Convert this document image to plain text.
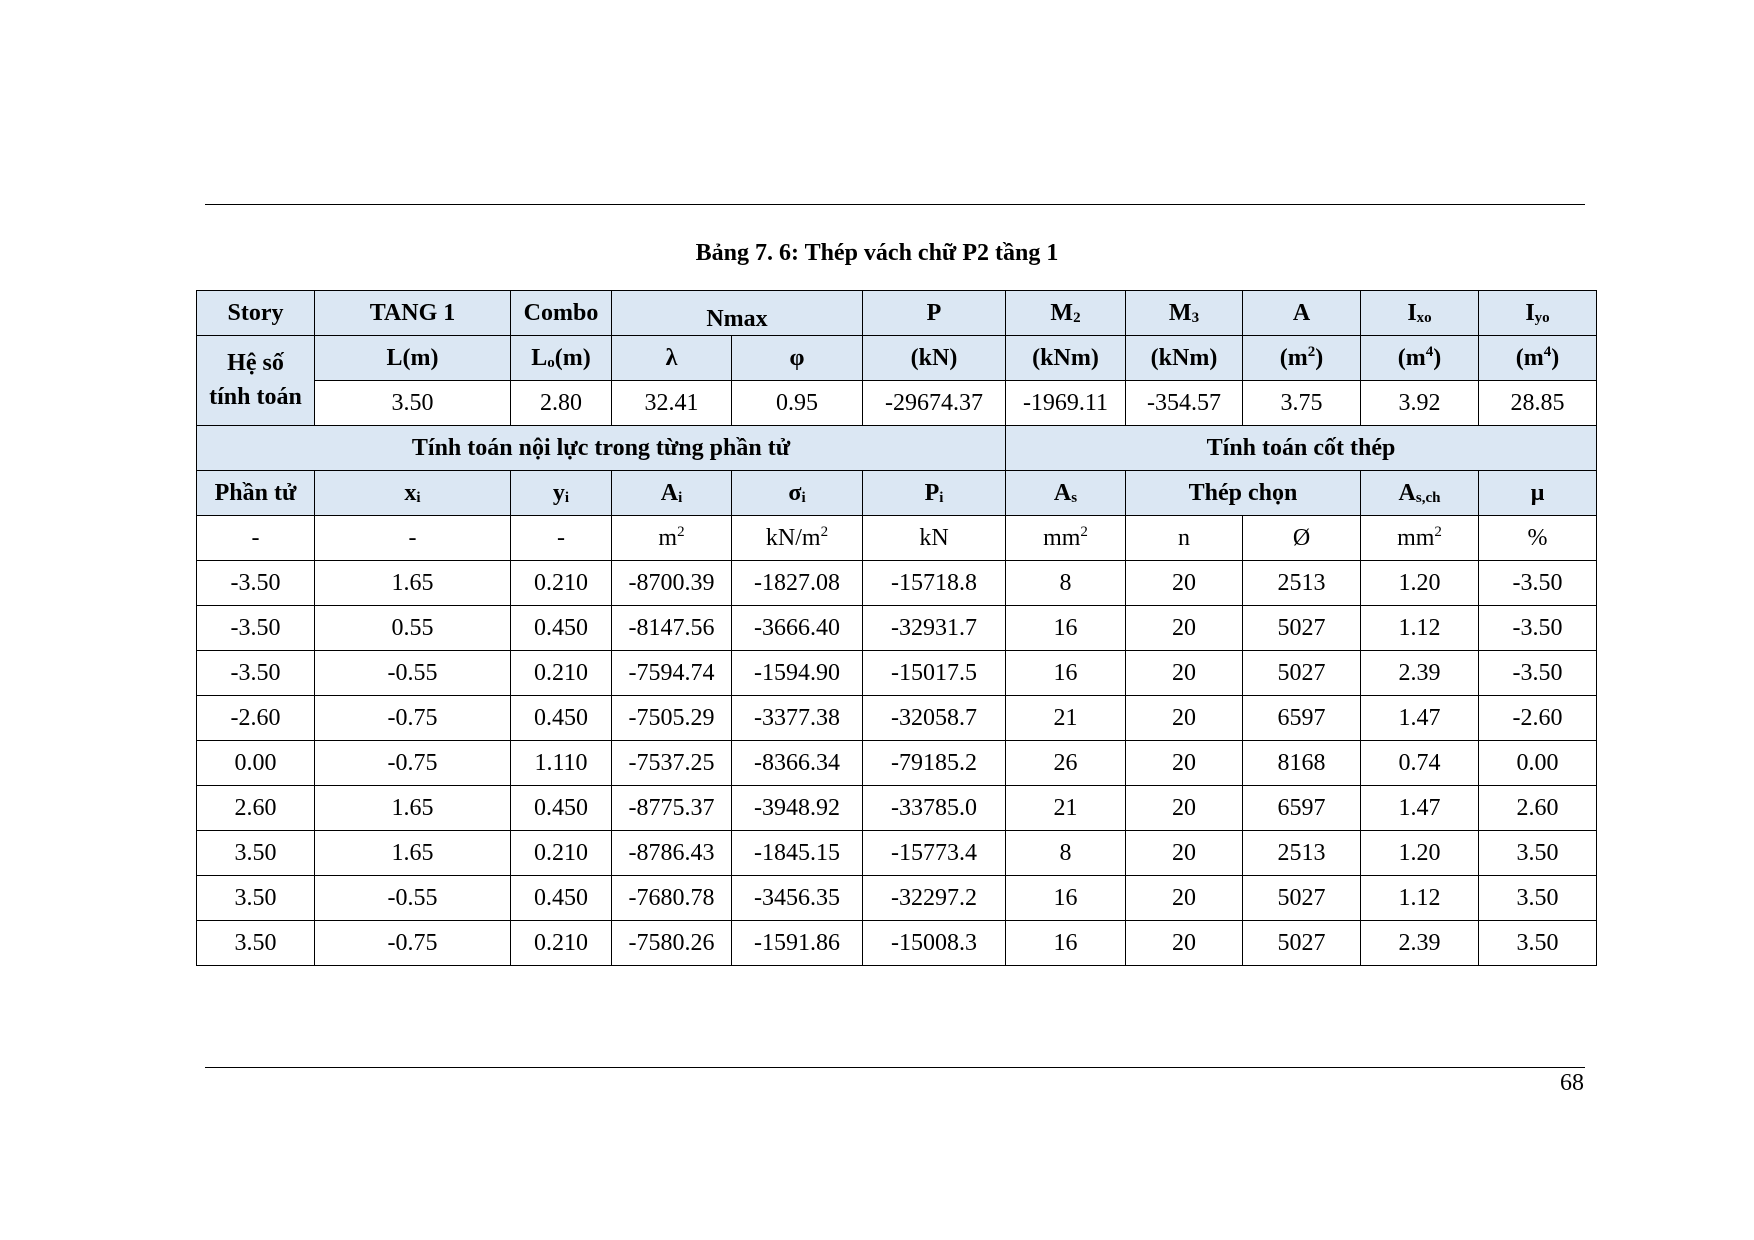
Bảng 7. 6: Thép vách chữ P2 tầng 1
Story	TANG 1	Combo	Nmax		P	$M_2$	$M_3$	A	$I_{xo}$	$I_{yo}$
Hệ số tính toán	L(m)	$L_o(m)$	λ	φ	(kN)	(kNm)	(kNm)	$(m^2)$	$(m^4)$	$(m^4)$
	3.50	2.80	32.41	0.95	-29674.37	-1969.11	-354.57	3.75	3.92	28.85
Tính toán nội lực trong từng phần tử						Tính toán cốt thép				
Phần tử	$x_i$	$y_i$	$A_i$	$\sigma_i$	$P_i$	$A_s$	Thép chọn		$A_{s,ch}$	μ
-	-	-	$m^2$	$kN/m^2$	kN	$mm^2$	n	Ø	$mm^2$	%
-3.50	1.65	0.210	-8700.39	-1827.08	-15718.8	8	20	2513	1.20	-3.50
-3.50	0.55	0.450	-8147.56	-3666.40	-32931.7	16	20	5027	1.12	-3.50
-3.50	-0.55	0.210	-7594.74	-1594.90	-15017.5	16	20	5027	2.39	-3.50
-2.60	-0.75	0.450	-7505.29	-3377.38	-32058.7	21	20	6597	1.47	-2.60
0.00	-0.75	1.110	-7537.25	-8366.34	-79185.2	26	20	8168	0.74	0.00
2.60	1.65	0.450	-8775.37	-3948.92	-33785.0	21	20	6597	1.47	2.60
3.50	1.65	0.210	-8786.43	-1845.15	-15773.4	8	20	2513	1.20	3.50
3.50	-0.55	0.450	-7680.78	-3456.35	-32297.2	16	20	5027	1.12	3.50
3.50	-0.75	0.210	-7580.26	-1591.86	-15008.3	16	20	5027	2.39	3.50
68
